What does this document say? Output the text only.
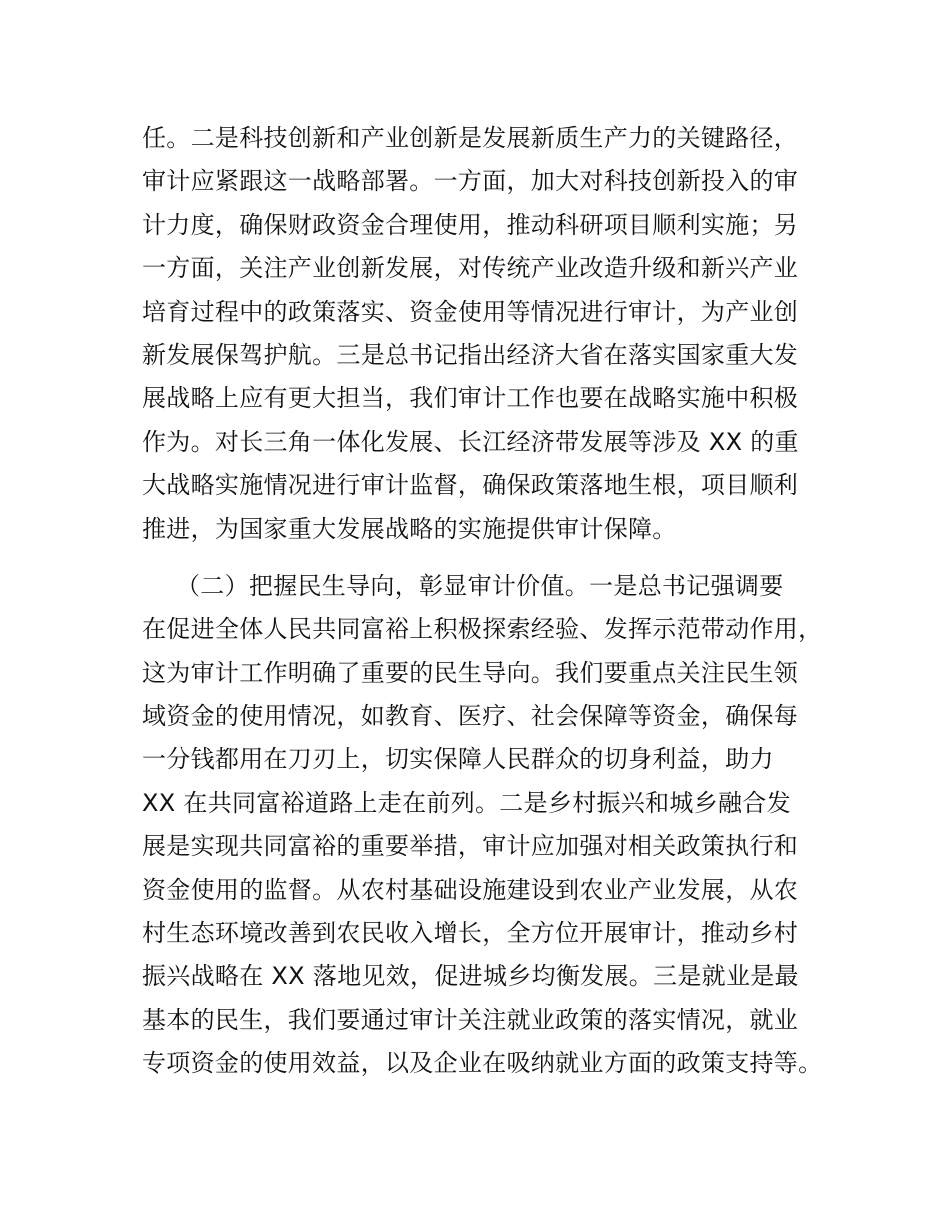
任。二是科技创新和产业创新是发展新质生产力的关键路径，
审计应紧跟这一战略部署。一方面，加大对科技创新投入的审
计力度，确保财政资金合理使用，推动科研项目顺利实施；另
一方面，关注产业创新发展，对传统产业改造升级和新兴产业
培育过程中的政策落实、资金使用等情况进行审计，为产业创
新发展保驾护航。三是总书记指出经济大省在落实国家重大发
展战略上应有更大担当，我们审计工作也要在战略实施中积极
作为。对长三角一体化发展、长江经济带发展等涉及 XX 的重
大战略实施情况进行审计监督，确保政策落地生根，项目顺利
推进，为国家重大发展战略的实施提供审计保障。
（二）把握民生导向，彰显审计价值。一是总书记强调要
在促进全体人民共同富裕上积极探索经验、发挥示范带动作用，
这为审计工作明确了重要的民生导向。我们要重点关注民生领
域资金的使用情况，如教育、医疗、社会保障等资金，确保每
一分钱都用在刀刃上，切实保障人民群众的切身利益，助力
XX 在共同富裕道路上走在前列。二是乡村振兴和城乡融合发
展是实现共同富裕的重要举措，审计应加强对相关政策执行和
资金使用的监督。从农村基础设施建设到农业产业发展，从农
村生态环境改善到农民收入增长，全方位开展审计，推动乡村
振兴战略在 XX 落地见效，促进城乡均衡发展。三是就业是最
基本的民生，我们要通过审计关注就业政策的落实情况，就业
专项资金的使用效益，以及企业在吸纳就业方面的政策支持等。
